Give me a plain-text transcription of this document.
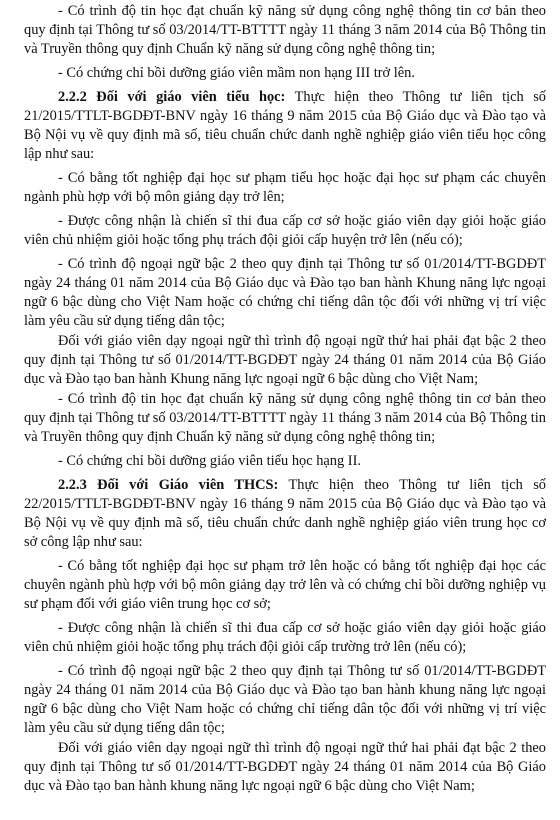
- Có trình độ tin học đạt chuẩn kỹ năng sử dụng công nghệ thông tin cơ bản theo quy định tại Thông tư số 03/2014/TT-BTTTT ngày 11 tháng 3 năm 2014 của Bộ Thông tin và Truyền thông quy định Chuẩn kỹ năng sử dụng công nghệ thông tin;

- Có chứng chỉ bồi dưỡng giáo viên mầm non hạng III trở lên.

2.2.2 Đối với giáo viên tiểu học: Thực hiện theo Thông tư liên tịch số 21/2015/TTLT-BGDĐT-BNV ngày 16 tháng 9 năm 2015 của Bộ Giáo dục và Đào tạo và Bộ Nội vụ về quy định mã số, tiêu chuẩn chức danh nghề nghiệp giáo viên tiểu học công lập như sau:

- Có bằng tốt nghiệp đại học sư phạm tiểu học hoặc đại học sư phạm các chuyên ngành phù hợp với bộ môn giảng dạy trở lên;

- Được công nhận là chiến sĩ thi đua cấp cơ sở hoặc giáo viên dạy giỏi hoặc giáo viên chủ nhiệm giỏi hoặc tổng phụ trách đội giỏi cấp huyện trở lên (nếu có);

- Có trình độ ngoại ngữ bậc 2 theo quy định tại Thông tư số 01/2014/TT-BGDĐT ngày 24 tháng 01 năm 2014 của Bộ Giáo dục và Đào tạo ban hành Khung năng lực ngoại ngữ 6 bậc dùng cho Việt Nam hoặc có chứng chỉ tiếng dân tộc đối với những vị trí việc làm yêu cầu sử dụng tiếng dân tộc;

Đối với giáo viên dạy ngoại ngữ thì trình độ ngoại ngữ thứ hai phải đạt bậc 2 theo quy định tại Thông tư số 01/2014/TT-BGDĐT ngày 24 tháng 01 năm 2014 của Bộ Giáo dục và Đào tạo ban hành Khung năng lực ngoại ngữ 6 bậc dùng cho Việt Nam;

- Có trình độ tin học đạt chuẩn kỹ năng sử dụng công nghệ thông tin cơ bản theo quy định tại Thông tư số 03/2014/TT-BTTTT ngày 11 tháng 3 năm 2014 của Bộ Thông tin và Truyền thông quy định Chuẩn kỹ năng sử dụng công nghệ thông tin;

- Có chứng chỉ bồi dưỡng giáo viên tiểu học hạng II.

2.2.3 Đối với Giáo viên THCS: Thực hiện theo Thông tư liên tịch số 22/2015/TTLT-BGDĐT-BNV ngày 16 tháng 9 năm 2015 của Bộ Giáo dục và Đào tạo và Bộ Nội vụ về quy định mã số, tiêu chuẩn chức danh nghề nghiệp giáo viên trung học cơ sở công lập như sau:

- Có bằng tốt nghiệp đại học sư phạm trở lên hoặc có bằng tốt nghiệp đại học các chuyên ngành phù hợp với bộ môn giảng dạy trở lên và có chứng chỉ bồi dưỡng nghiệp vụ sư phạm đối với giáo viên trung học cơ sở;

- Được công nhận là chiến sĩ thi đua cấp cơ sở hoặc giáo viên dạy giỏi hoặc giáo viên chủ nhiệm giỏi hoặc tổng phụ trách đội giỏi cấp trường trở lên (nếu có);

- Có trình độ ngoại ngữ bậc 2 theo quy định tại Thông tư số 01/2014/TT-BGDĐT ngày 24 tháng 01 năm 2014 của Bộ Giáo dục và Đào tạo ban hành khung năng lực ngoại ngữ 6 bậc dùng cho Việt Nam hoặc có chứng chỉ tiếng dân tộc đối với những vị trí việc làm yêu cầu sử dụng tiếng dân tộc;

Đối với giáo viên dạy ngoại ngữ thì trình độ ngoại ngữ thứ hai phải đạt bậc 2 theo quy định tại Thông tư số 01/2014/TT-BGDĐT ngày 24 tháng 01 năm 2014 của Bộ Giáo dục và Đào tạo ban hành khung năng lực ngoại ngữ 6 bậc dùng cho Việt Nam;
